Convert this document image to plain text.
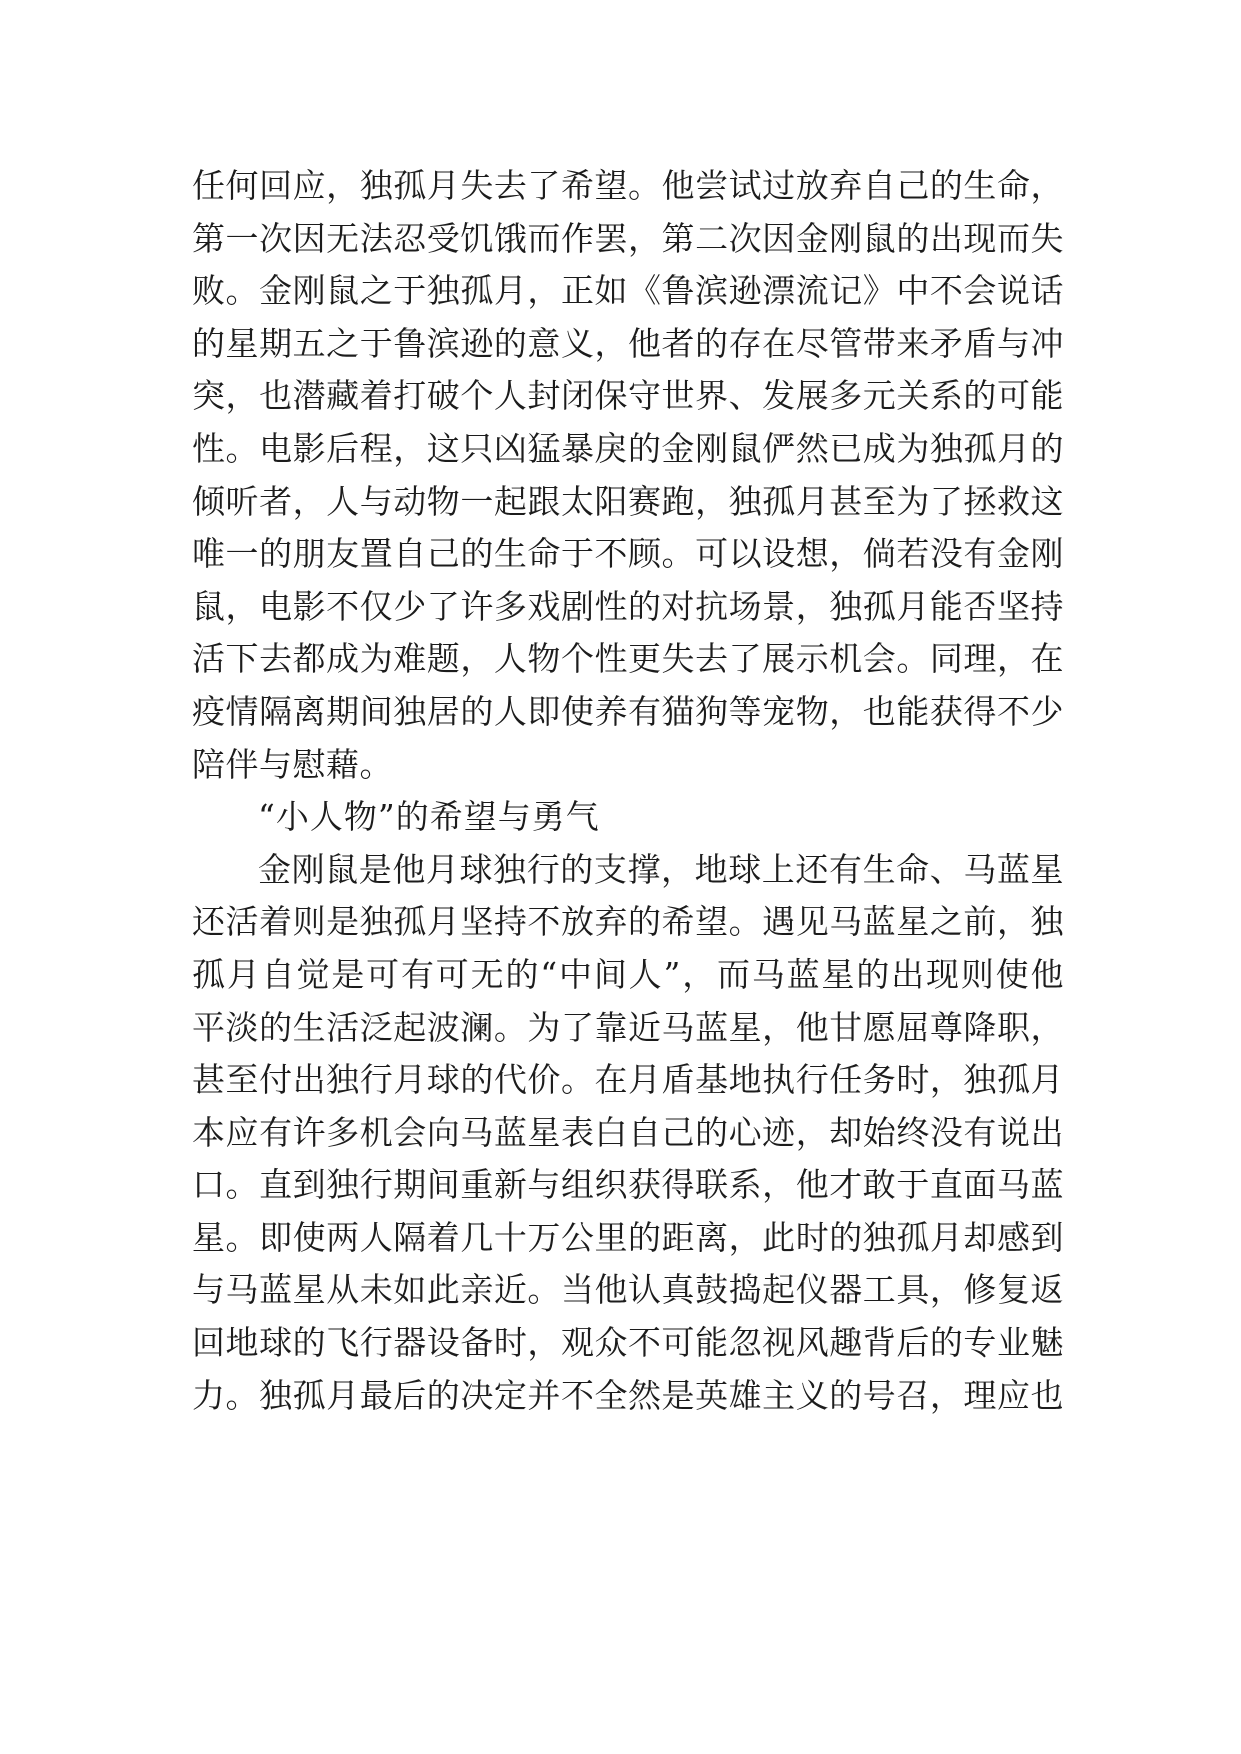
任何回应，独孤月失去了希望。他尝试过放弃自己的生命，
第一次因无法忍受饥饿而作罢，第二次因金刚鼠的出现而失
败。金刚鼠之于独孤月，正如《鲁滨逊漂流记》中不会说话
的星期五之于鲁滨逊的意义，他者的存在尽管带来矛盾与冲
突，也潜藏着打破个人封闭保守世界、发展多元关系的可能
性。电影后程，这只凶猛暴戾的金刚鼠俨然已成为独孤月的
倾听者，人与动物一起跟太阳赛跑，独孤月甚至为了拯救这
唯一的朋友置自己的生命于不顾。可以设想，倘若没有金刚
鼠，电影不仅少了许多戏剧性的对抗场景，独孤月能否坚持
活下去都成为难题，人物个性更失去了展示机会。同理，在
疫情隔离期间独居的人即使养有猫狗等宠物，也能获得不少
陪伴与慰藉。
“小人物”的希望与勇气
金刚鼠是他月球独行的支撑，地球上还有生命、马蓝星
还活着则是独孤月坚持不放弃的希望。遇见马蓝星之前，独
孤月自觉是可有可无的“中间人”，而马蓝星的出现则使他
平淡的生活泛起波澜。为了靠近马蓝星，他甘愿屈尊降职，
甚至付出独行月球的代价。在月盾基地执行任务时，独孤月
本应有许多机会向马蓝星表白自己的心迹，却始终没有说出
口。直到独行期间重新与组织获得联系，他才敢于直面马蓝
星。即使两人隔着几十万公里的距离，此时的独孤月却感到
与马蓝星从未如此亲近。当他认真鼓捣起仪器工具，修复返
回地球的飞行器设备时，观众不可能忽视风趣背后的专业魅
力。独孤月最后的决定并不全然是英雄主义的号召，理应也
